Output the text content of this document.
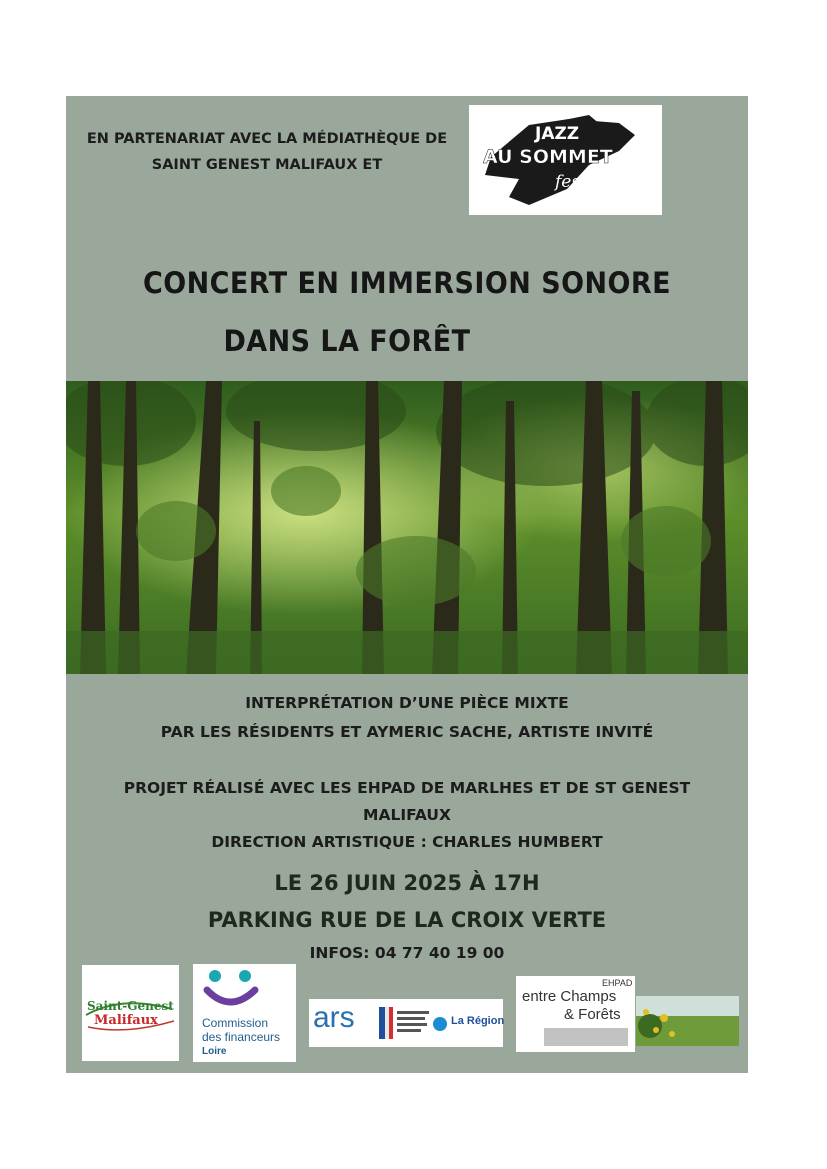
EN PARTENARIAT AVEC LA MÉDIATHÈQUE DE
SAINT GENEST MALIFAUX ET
JAZZ
AU SOMMET
festival
CONCERT EN IMMERSION SONORE
DANS LA FORÊT
INTERPRÉTATION D’UNE PIÈCE MIXTE
PAR LES RÉSIDENTS ET AYMERIC SACHE, ARTISTE INVITÉ
PROJET RÉALISÉ AVEC LES EHPAD DE MARLHES ET DE ST GENEST
MALIFAUX
DIRECTION ARTISTIQUE : CHARLES HUMBERT
LE 26 JUIN 2025 À 17H
PARKING RUE DE LA CROIX VERTE
INFOS: 04 77 40 19 00
Saint-Genest
Malifaux	Commission
des financeurs
Loire
ars	La Région
EHPAD
entre Champs
& Forêts
